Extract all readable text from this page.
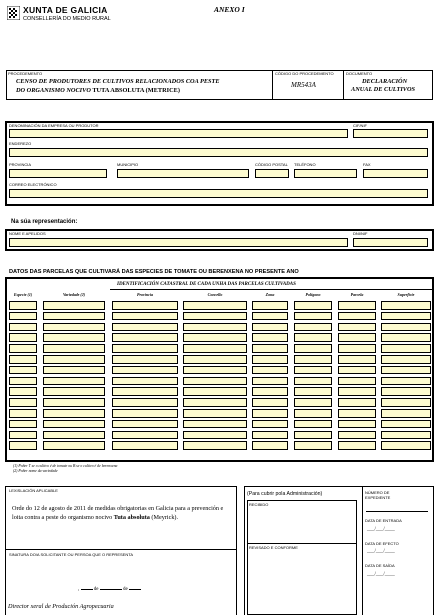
XUNTA DE GALICIA
CONSELLERÍA DO MEDIO RURAL
ANEXO I
PROCEDEMENTO
CENSO DE PRODUTORES DE CULTIVOS RELACIONADOS COA PESTE
DO ORGANISMO NOCIVO TUTA ABSOLUTA (METRICE)
CÓDIGO DO PROCEDEMENTO
MR543A
DOCUMENTO
DECLARACIÓN
ANUAL DE CULTIVOS
DENOMINACIÓN DA EMPRESA OU PRODUTOR	CIF/NIF
ENDEREZO
PROVINCIA	MUNICIPIO	CÓDIGO POSTAL TELÉFONO	FAX
CORREO ELECTRÓNICO
Na súa representación:
NOME E APELIDOS	DNI/NIF
DATOS DAS PARCELAS QUE CULTIVARÁ DAS ESPECIES DE TOMATE OU BERENXENA NO PRESENTE ANO
IDENTIFICACIÓN CATASTRAL DE CADA UNHA DAS PARCELAS CULTIVADAS
Especie (1)	Variedade (2)	Provincia	Concello	Zona	Polígono	Parcela	Superficie
(1) Poñer T se o cultivo é de tomate ou B se o cultivo é de berenxena
(2) Poñer nome da variedade
LEXISLACIÓN APLICABLE
Orde do 12 de agosto de 2011 de medidas obrigatorias en Galicia para a prevención e loita contra a peste do organismo nocivo Tuta absoluta (Meyrick).
SINATURA DO/A SOLICITANTE OU PERSOA QUE O REPRESENTA
,	de	de
Director xeral de Produción Agropecuaria
(Para cubrir pola Administración)
RECIBIDO
REVISADO E CONFORME
NÚMERO DE EXPEDIENTE
DATA DE ENTRADA
___/___/____
DATA DE EFECTO
___/___/____
DATA DE SAÍDA
___/___/____
